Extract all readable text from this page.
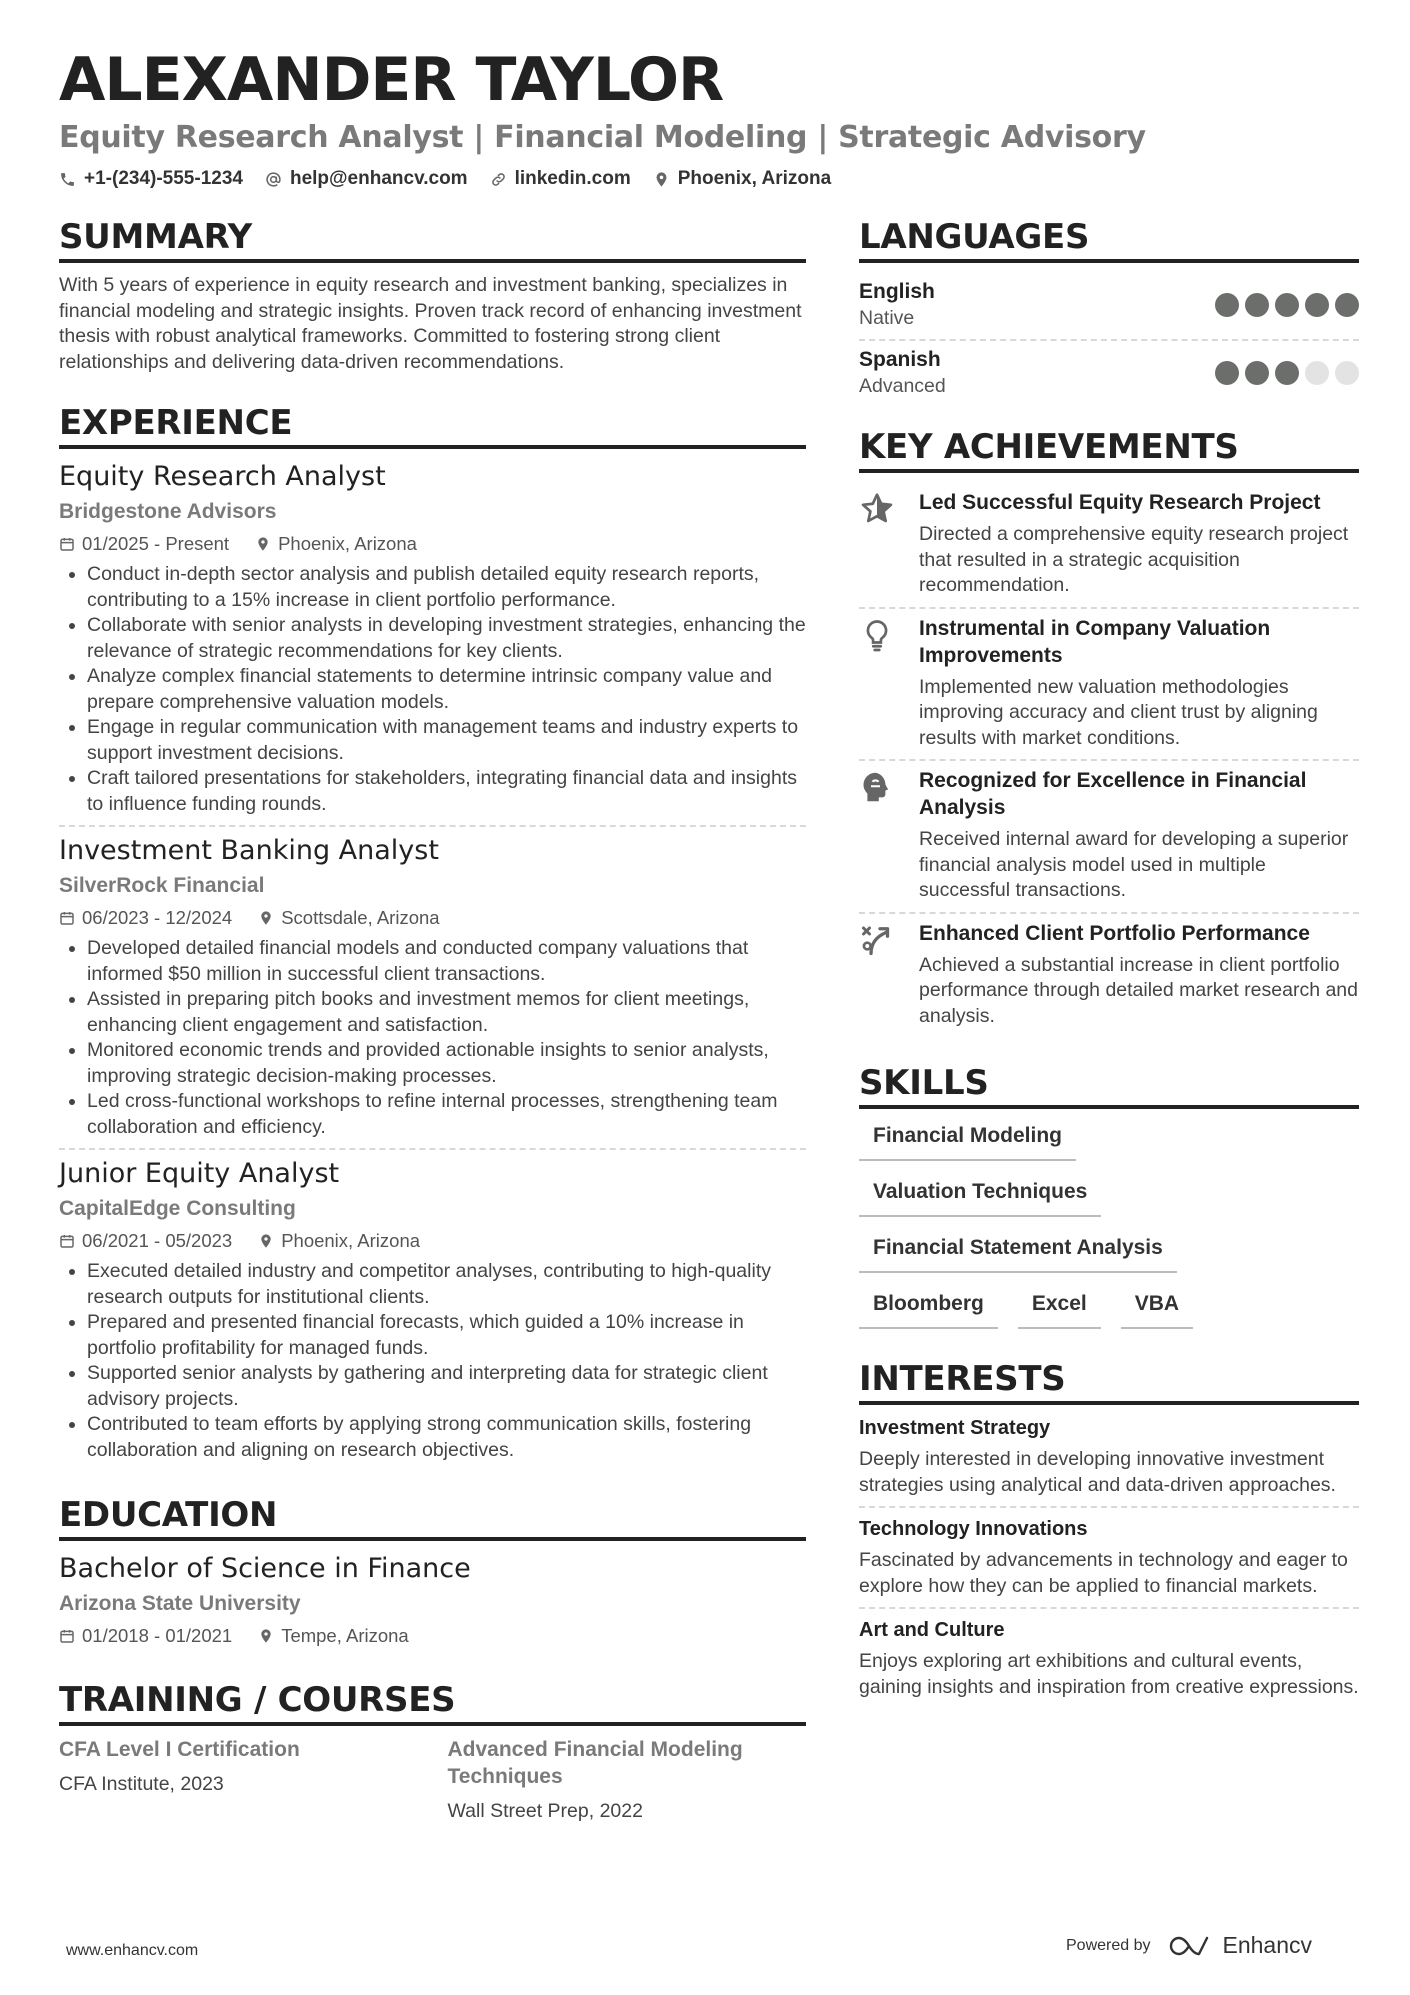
ALEXANDER TAYLOR
Equity Research Analyst | Financial Modeling | Strategic Advisory
+1-(234)-555-1234 help@enhancv.com linkedin.com Phoenix, Arizona
SUMMARY
With 5 years of experience in equity research and investment banking, specializes in financial modeling and strategic insights. Proven track record of enhancing investment thesis with robust analytical frameworks. Committed to fostering strong client relationships and delivering data-driven recommendations.
EXPERIENCE
Equity Research Analyst
Bridgestone Advisors
01/2025 - Present	Phoenix, Arizona
• Conduct in-depth sector analysis and publish detailed equity research reports, contributing to a 15% increase in client portfolio performance.
• Collaborate with senior analysts in developing investment strategies, enhancing the relevance of strategic recommendations for key clients.
• Analyze complex financial statements to determine intrinsic company value and prepare comprehensive valuation models.
• Engage in regular communication with management teams and industry experts to support investment decisions.
• Craft tailored presentations for stakeholders, integrating financial data and insights to influence funding rounds.
Investment Banking Analyst
SilverRock Financial
06/2023 - 12/2024	Scottsdale, Arizona
• Developed detailed financial models and conducted company valuations that informed $50 million in successful client transactions.
• Assisted in preparing pitch books and investment memos for client meetings, enhancing client engagement and satisfaction.
• Monitored economic trends and provided actionable insights to senior analysts, improving strategic decision-making processes.
• Led cross-functional workshops to refine internal processes, strengthening team collaboration and efficiency.
Junior Equity Analyst
CapitalEdge Consulting
06/2021 - 05/2023	Phoenix, Arizona
• Executed detailed industry and competitor analyses, contributing to high-quality research outputs for institutional clients.
• Prepared and presented financial forecasts, which guided a 10% increase in portfolio profitability for managed funds.
• Supported senior analysts by gathering and interpreting data for strategic client advisory projects.
• Contributed to team efforts by applying strong communication skills, fostering collaboration and aligning on research objectives.
EDUCATION
Bachelor of Science in Finance
Arizona State University
01/2018 - 01/2021	Tempe, Arizona
TRAINING / COURSES
CFA Level I Certification
CFA Institute, 2023
Advanced Financial Modeling Techniques
Wall Street Prep, 2022
LANGUAGES
English
Native
Spanish
Advanced
KEY ACHIEVEMENTS
Led Successful Equity Research Project
Directed a comprehensive equity research project that resulted in a strategic acquisition recommendation.
Instrumental in Company Valuation Improvements
Implemented new valuation methodologies improving accuracy and client trust by aligning results with market conditions.
Recognized for Excellence in Financial Analysis
Received internal award for developing a superior financial analysis model used in multiple successful transactions.
Enhanced Client Portfolio Performance
Achieved a substantial increase in client portfolio performance through detailed market research and analysis.
SKILLS
Financial Modeling
Valuation Techniques
Financial Statement Analysis
Bloomberg	Excel	VBA
INTERESTS
Investment Strategy
Deeply interested in developing innovative investment strategies using analytical and data-driven approaches.
Technology Innovations
Fascinated by advancements in technology and eager to explore how they can be applied to financial markets.
Art and Culture
Enjoys exploring art exhibitions and cultural events, gaining insights and inspiration from creative expressions.
www.enhancv.com	Powered by	Enhancv
